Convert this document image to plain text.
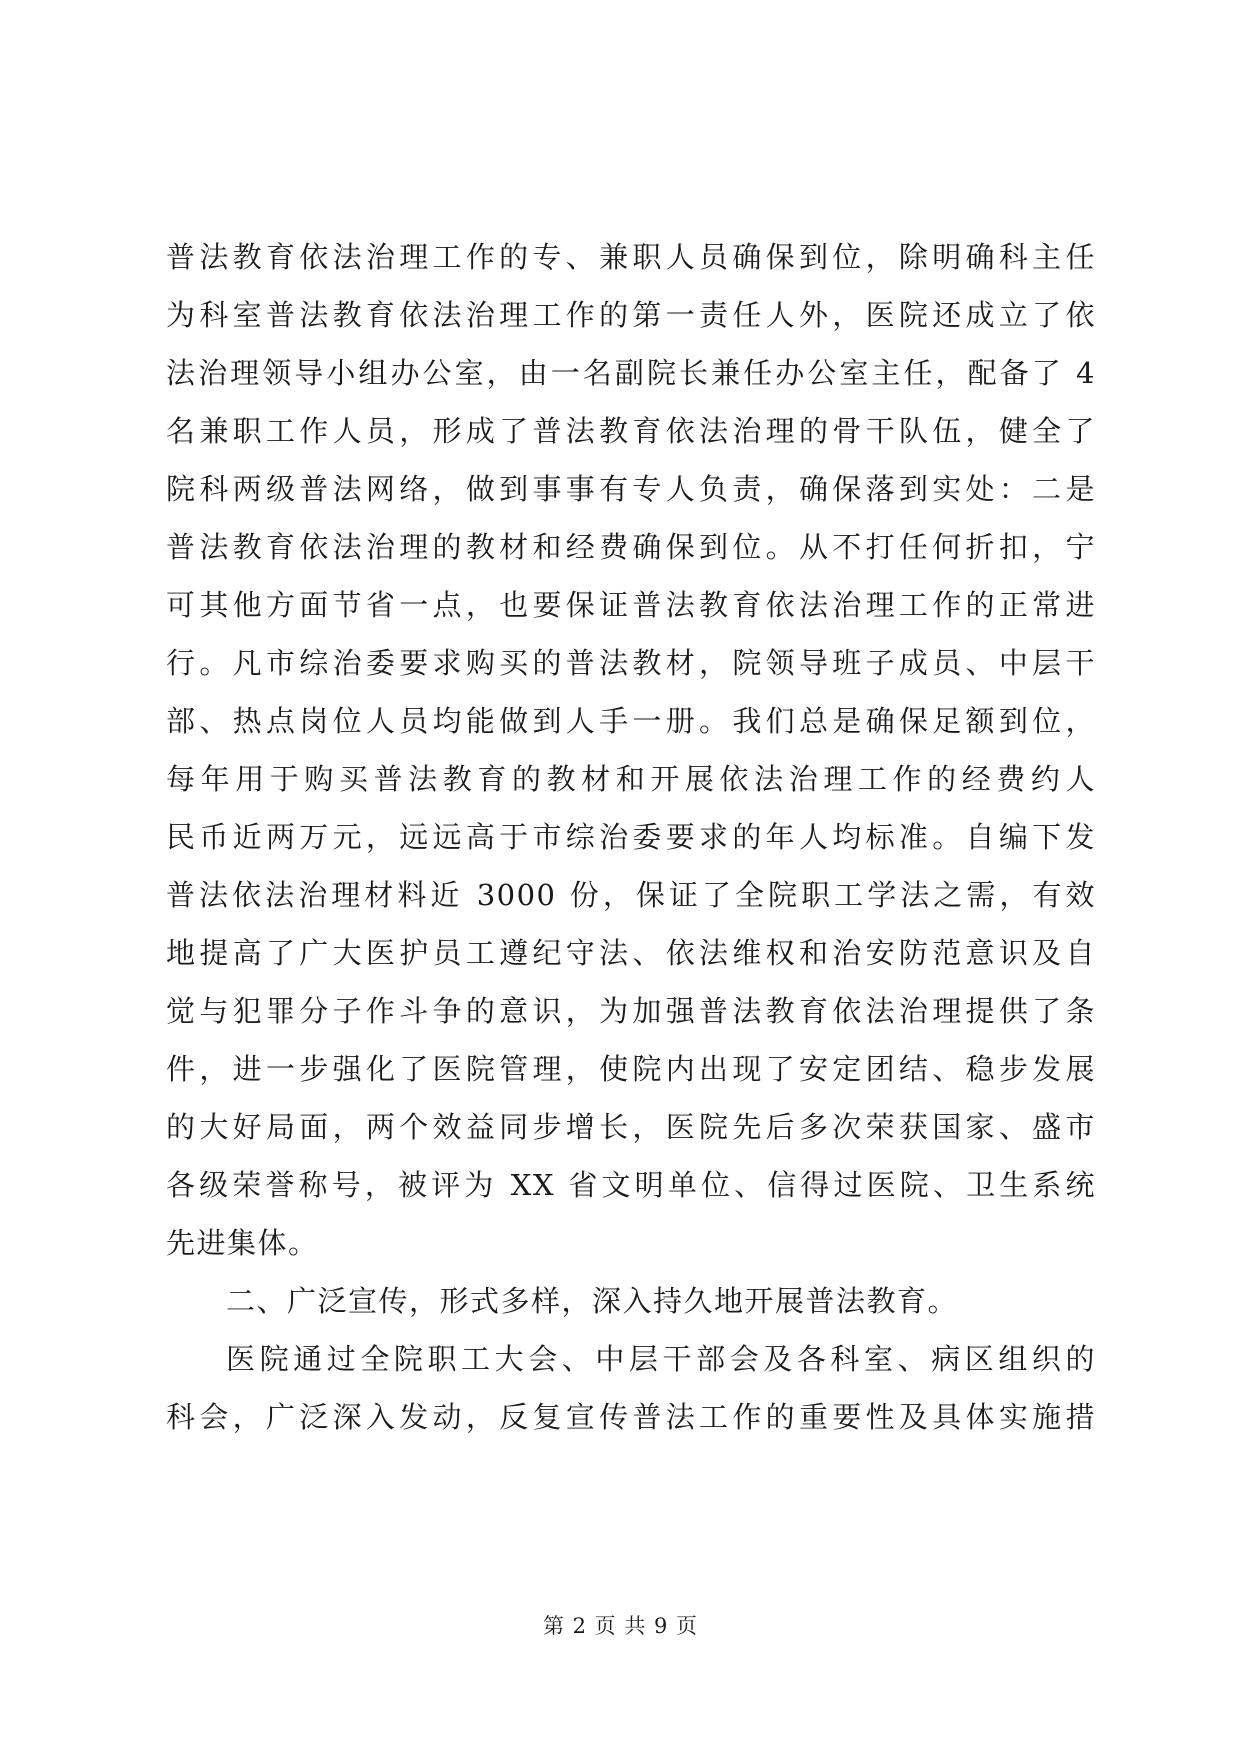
普法教育依法治理工作的专、兼职人员确保到位，除明确科主任
为科室普法教育依法治理工作的第一责任人外，医院还成立了依
法治理领导小组办公室，由一名副院长兼任办公室主任，配备了 4
名兼职工作人员，形成了普法教育依法治理的骨干队伍，健全了
院科两级普法网络，做到事事有专人负责，确保落到实处：二是
普法教育依法治理的教材和经费确保到位。从不打任何折扣，宁
可其他方面节省一点，也要保证普法教育依法治理工作的正常进
行。凡市综治委要求购买的普法教材，院领导班子成员、中层干
部、热点岗位人员均能做到人手一册。我们总是确保足额到位，
每年用于购买普法教育的教材和开展依法治理工作的经费约人
民币近两万元，远远高于市综治委要求的年人均标准。自编下发
普法依法治理材料近 3000 份，保证了全院职工学法之需，有效
地提高了广大医护员工遵纪守法、依法维权和治安防范意识及自
觉与犯罪分子作斗争的意识，为加强普法教育依法治理提供了条
件，进一步强化了医院管理，使院内出现了安定团结、稳步发展
的大好局面，两个效益同步增长，医院先后多次荣获国家、盛市
各级荣誉称号，被评为 XX 省文明单位、信得过医院、卫生系统
先进集体。
二、广泛宣传，形式多样，深入持久地开展普法教育。
医院通过全院职工大会、中层干部会及各科室、病区组织的
科会，广泛深入发动，反复宣传普法工作的重要性及具体实施措
第 2 页 共 9 页
